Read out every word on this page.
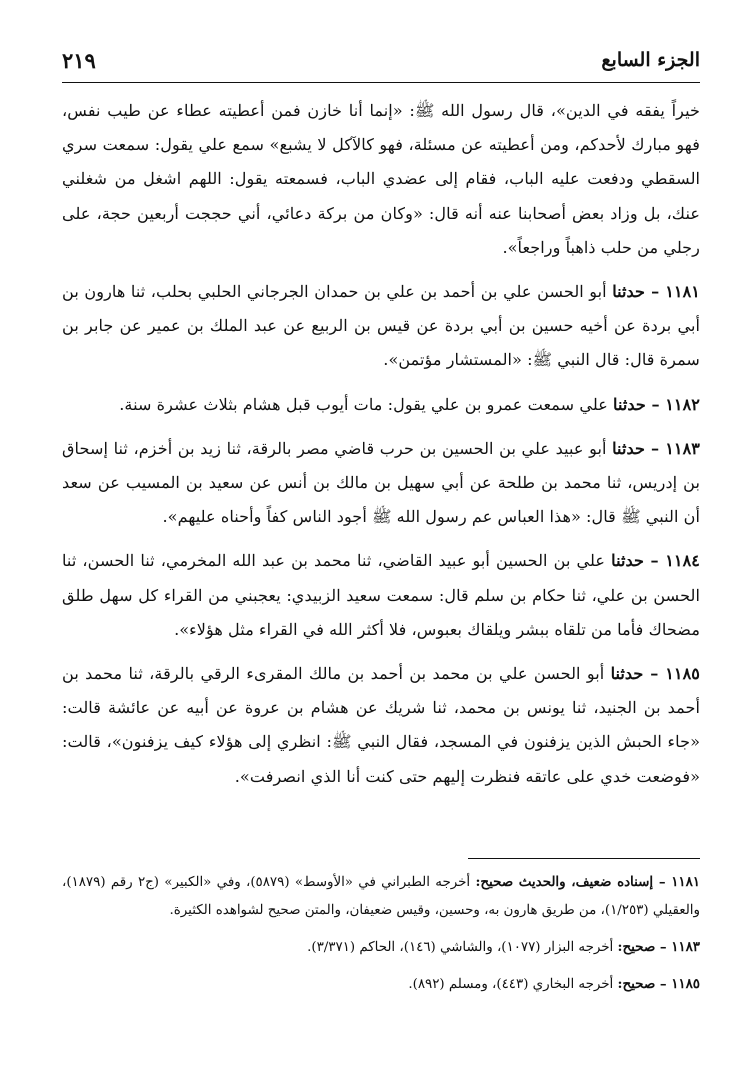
الجزء السابع
٢١٩

خيراً يفقه في الدين»، قال رسول الله ﷺ: «إنما أنا خازن فمن أعطيته عطاء عن طيب نفس، فهو مبارك لأحدكم، ومن أعطيته عن مسئلة، فهو كالآكل لا يشبع» سمع علي يقول: سمعت سري السقطي ودفعت عليه الباب، فقام إلى عضدي الباب، فسمعته يقول: اللهم اشغل من شغلني عنك، بل وزاد بعض أصحابنا عنه أنه قال: «وكان من بركة دعائي، أني حججت أربعين حجة، على رجلي من حلب ذاهباً وراجعاً».

١١٨١ – حدثنا أبو الحسن علي بن أحمد بن علي بن حمدان الجرجاني الحلبي بحلب، ثنا هارون بن أبي بردة عن أخيه حسين بن أبي بردة عن قيس بن الربيع عن عبد الملك بن عمير عن جابر بن سمرة قال: قال النبي ﷺ: «المستشار مؤتمن».

١١٨٢ – حدثنا علي سمعت عمرو بن علي يقول: مات أيوب قبل هشام بثلاث عشرة سنة.

١١٨٣ – حدثنا أبو عبيد علي بن الحسين بن حرب قاضي مصر بالرقة، ثنا زيد بن أخزم، ثنا إسحاق بن إدريس، ثنا محمد بن طلحة عن أبي سهيل بن مالك بن أنس عن سعيد بن المسيب عن سعد أن النبي ﷺ قال: «هذا العباس عم رسول الله ﷺ أجود الناس كفاً وأحناه عليهم».

١١٨٤ – حدثنا علي بن الحسين أبو عبيد القاضي، ثنا محمد بن عبد الله المخرمي، ثنا الحسن، ثنا الحسن بن علي، ثنا حكام بن سلم قال: سمعت سعيد الزبيدي: يعجبني من القراء كل سهل طلق مضحاك فأما من تلقاه ببشر ويلقاك بعبوس، فلا أكثر الله في القراء مثل هؤلاء».

١١٨٥ – حدثنا أبو الحسن علي بن محمد بن أحمد بن مالك المقرىء الرقي بالرقة، ثنا محمد بن أحمد بن الجنيد، ثنا يونس بن محمد، ثنا شريك عن هشام بن عروة عن أبيه عن عائشة قالت: «جاء الحبش الذين يزفنون في المسجد، فقال النبي ﷺ: انظري إلى هؤلاء كيف يزفنون»، قالت: «فوضعت خدي على عاتقه فنظرت إليهم حتى كنت أنا الذي انصرفت».

١١٨١ – إسناده ضعيف، والحديث صحيح: أخرجه الطبراني في «الأوسط» (٥٨٧٩)، وفي «الكبير» (ج٢ رقم (١٨٧٩)، والعقيلي (١/٢٥٣)، من طريق هارون به، وحسين، وقيس ضعيفان، والمتن صحيح لشواهده الكثيرة.

١١٨٣ – صحيح: أخرجه البزار (١٠٧٧)، والشاشي (١٤٦)، الحاكم (٣/٣٧١).

١١٨٥ – صحيح: أخرجه البخاري (٤٤٣)، ومسلم (٨٩٢).
